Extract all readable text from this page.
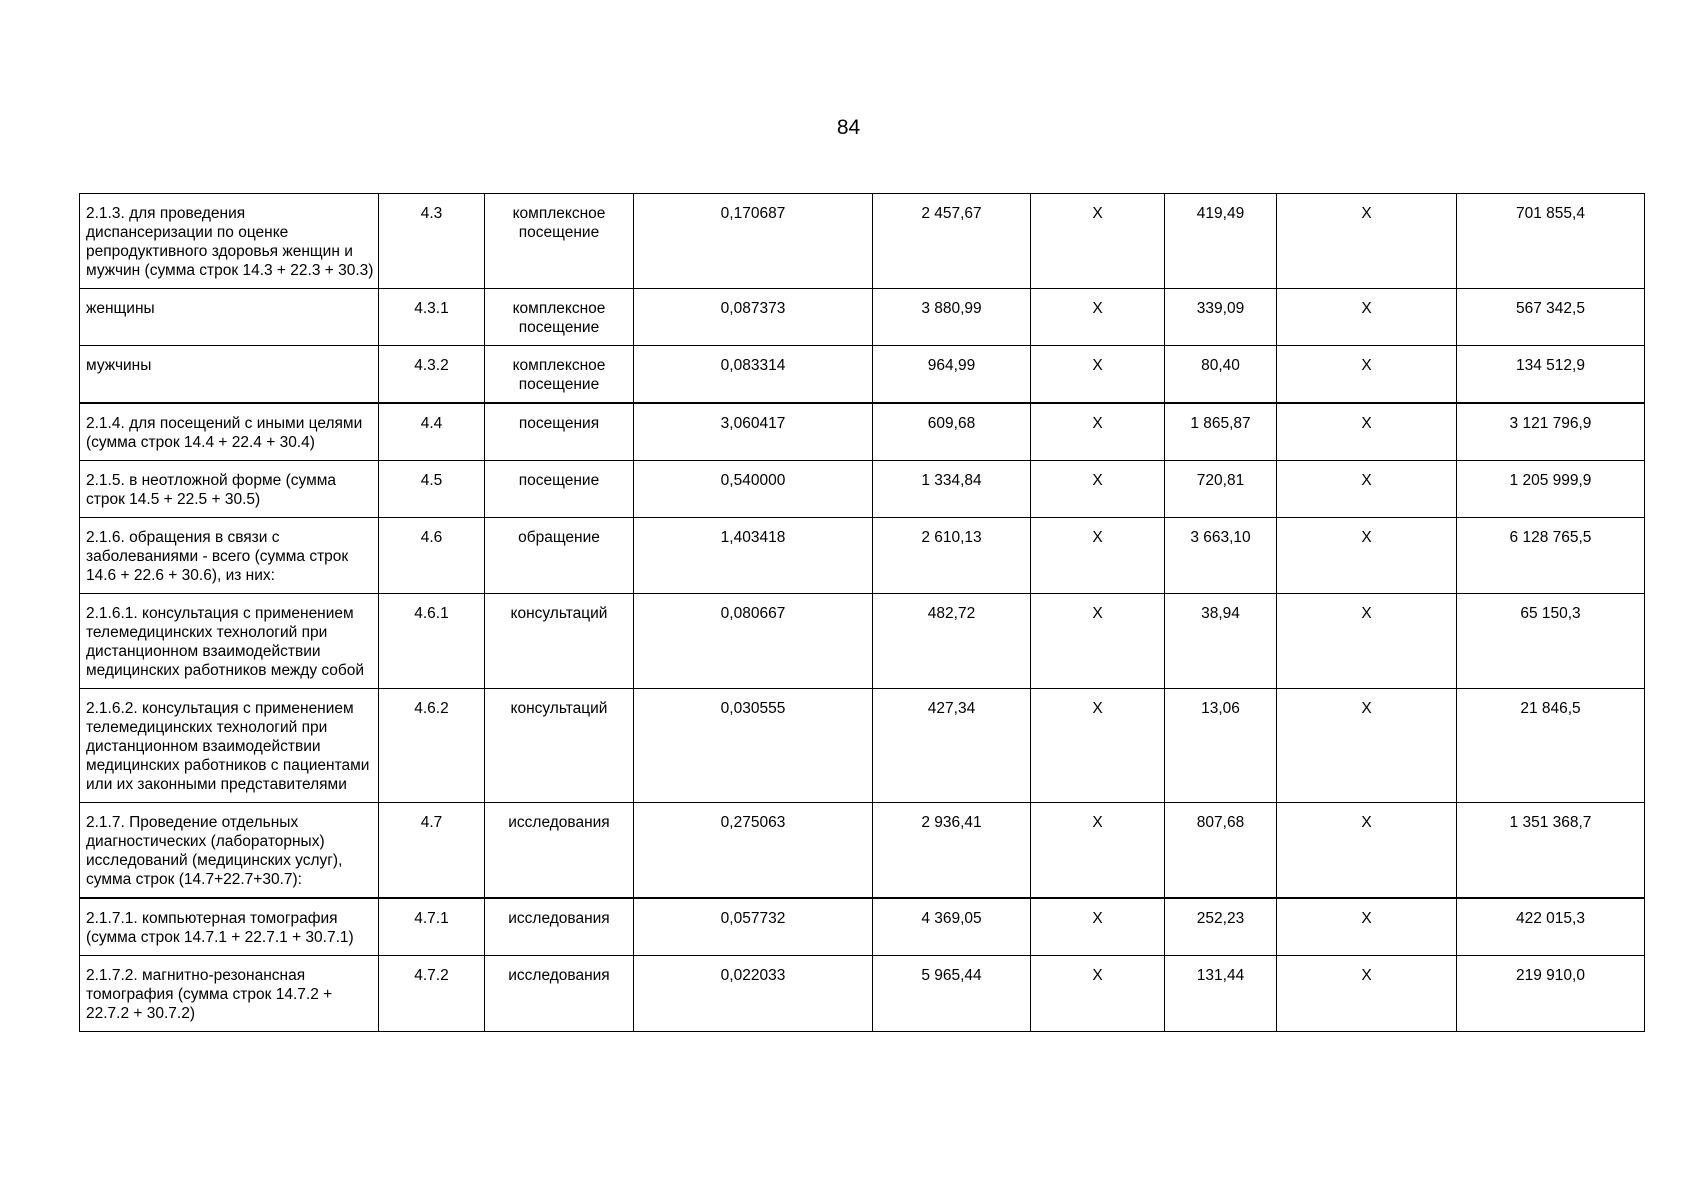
84
2.1.3. для проведения диспансеризации по оценке репродуктивного здоровья женщин и мужчин (сумма строк 14.3 + 22.3 + 30.3)	4.3	комплексное посещение	0,170687	2 457,67	Х	419,49	Х	701 855,4
женщины	4.3.1	комплексное посещение	0,087373	3 880,99	Х	339,09	Х	567 342,5
мужчины	4.3.2	комплексное посещение	0,083314	964,99	Х	80,40	Х	134 512,9
2.1.4. для посещений с иными целями (сумма строк 14.4 + 22.4 + 30.4)	4.4	посещения	3,060417	609,68	Х	1 865,87	Х	3 121 796,9
2.1.5. в неотложной форме (сумма строк 14.5 + 22.5 + 30.5)	4.5	посещение	0,540000	1 334,84	Х	720,81	Х	1 205 999,9
2.1.6. обращения в связи с заболеваниями - всего (сумма строк 14.6 + 22.6 + 30.6), из них:	4.6	обращение	1,403418	2 610,13	Х	3 663,10	Х	6 128 765,5
2.1.6.1. консультация с применением телемедицинских технологий при дистанционном взаимодействии медицинских работников между собой	4.6.1	консультаций	0,080667	482,72	Х	38,94	Х	65 150,3
2.1.6.2. консультация с применением телемедицинских технологий при дистанционном взаимодействии медицинских работников с пациентами или их законными представителями	4.6.2	консультаций	0,030555	427,34	Х	13,06	Х	21 846,5
2.1.7. Проведение отдельных диагностических (лабораторных) исследований (медицинских услуг), сумма строк (14.7+22.7+30.7):	4.7	исследования	0,275063	2 936,41	Х	807,68	Х	1 351 368,7
2.1.7.1. компьютерная томография (сумма строк 14.7.1 + 22.7.1 + 30.7.1)	4.7.1	исследования	0,057732	4 369,05	Х	252,23	Х	422 015,3
2.1.7.2. магнитно-резонансная томография (сумма строк 14.7.2 + 22.7.2 + 30.7.2)	4.7.2	исследования	0,022033	5 965,44	Х	131,44	Х	219 910,0
